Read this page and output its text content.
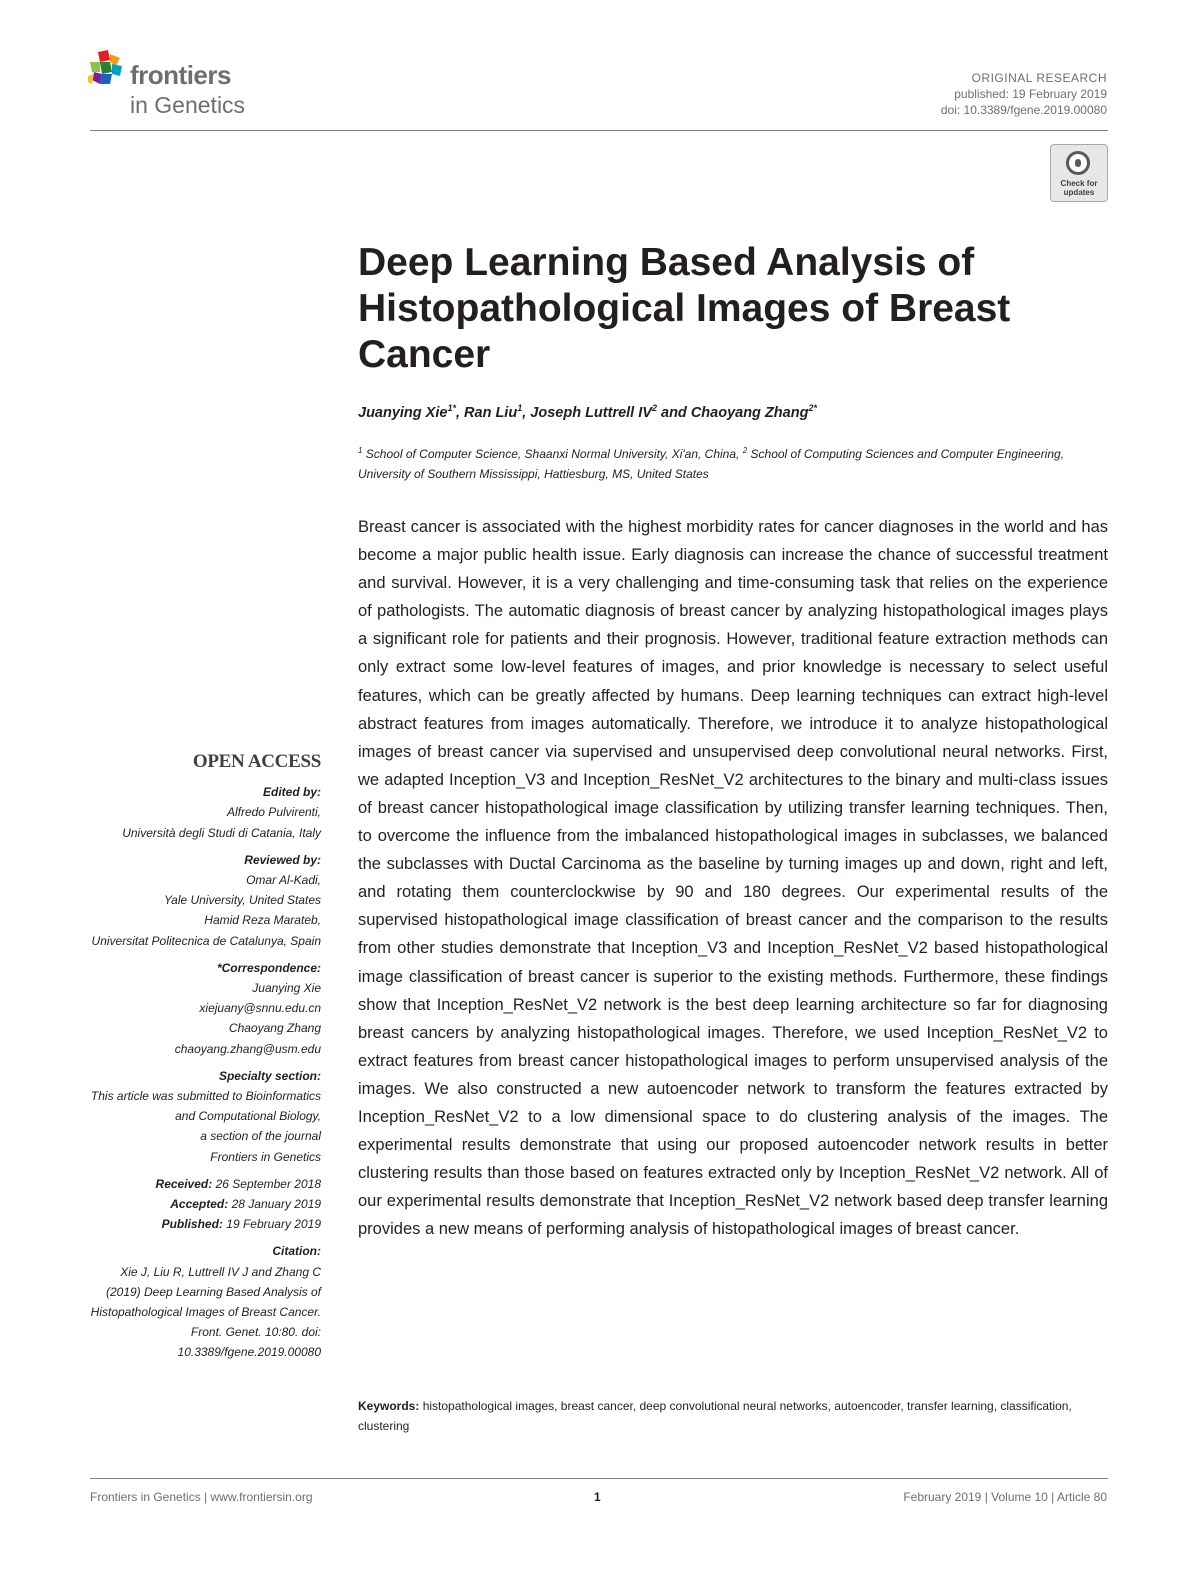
frontiers
in Genetics
ORIGINAL RESEARCH
published: 19 February 2019
doi: 10.3389/fgene.2019.00080
Check for
updates
Deep Learning Based Analysis of Histopathological Images of Breast Cancer
Juanying Xie$^{1*}$, Ran Liu$^1$, Joseph Luttrell $IV^2$ and Chaoyang Zhang$^{2*}$
$^1$ School of Computer Science, Shaanxi Normal University, Xi'an, China, $^2$ School of Computing Sciences and Computer Engineering, University of Southern Mississippi, Hattiesburg, MS, United States
Breast cancer is associated with the highest morbidity rates for cancer diagnoses in the world and has become a major public health issue. Early diagnosis can increase the chance of successful treatment and survival. However, it is a very challenging and time-consuming task that relies on the experience of pathologists. The automatic diagnosis of breast cancer by analyzing histopathological images plays a significant role for patients and their prognosis. However, traditional feature extraction methods can only extract some low-level features of images, and prior knowledge is necessary to select useful features, which can be greatly affected by humans. Deep learning techniques can extract high-level abstract features from images automatically. Therefore, we introduce it to analyze histopathological images of breast cancer via supervised and unsupervised deep convolutional neural networks. First, we adapted Inception_V3 and Inception_ResNet_V2 architectures to the binary and multi-class issues of breast cancer histopathological image classification by utilizing transfer learning techniques. Then, to overcome the influence from the imbalanced histopathological images in subclasses, we balanced the subclasses with Ductal Carcinoma as the baseline by turning images up and down, right and left, and rotating them counterclockwise by 90 and 180 degrees. Our experimental results of the supervised histopathological image classification of breast cancer and the comparison to the results from other studies demonstrate that Inception_V3 and Inception_ResNet_V2 based histopathological image classification of breast cancer is superior to the existing methods. Furthermore, these findings show that Inception_ResNet_V2 network is the best deep learning architecture so far for diagnosing breast cancers by analyzing histopathological images. Therefore, we used Inception_ResNet_V2 to extract features from breast cancer histopathological images to perform unsupervised analysis of the images. We also constructed a new autoencoder network to transform the features extracted by Inception_ResNet_V2 to a low dimensional space to do clustering analysis of the images. The experimental results demonstrate that using our proposed autoencoder network results in better clustering results than those based on features extracted only by Inception_ResNet_V2 network. All of our experimental results demonstrate that Inception_ResNet_V2 network based deep transfer learning provides a new means of performing analysis of histopathological images of breast cancer.
Keywords: histopathological images, breast cancer, deep convolutional neural networks, autoencoder, transfer learning, classification, clustering
OPEN ACCESS
Edited by:
Alfredo Pulvirenti,
Università degli Studi di Catania, Italy
Reviewed by:
Omar Al-Kadi,
Yale University, United States
Hamid Reza Marateb,
Universitat Politecnica de Catalunya, Spain
*Correspondence:
Juanying Xie
xiejuany@snnu.edu.cn
Chaoyang Zhang
chaoyang.zhang@usm.edu
Specialty section:
This article was submitted to Bioinformatics and Computational Biology,
a section of the journal
Frontiers in Genetics
Received: 26 September 2018
Accepted: 28 January 2019
Published: 19 February 2019
Citation:
Xie J, Liu R, Luttrell IV J and Zhang C (2019) Deep Learning Based Analysis of Histopathological Images of Breast Cancer. Front. Genet. 10:80. doi: 10.3389/fgene.2019.00080
Frontiers in Genetics | www.frontiersin.org	1	February 2019 | Volume 10 | Article 80
